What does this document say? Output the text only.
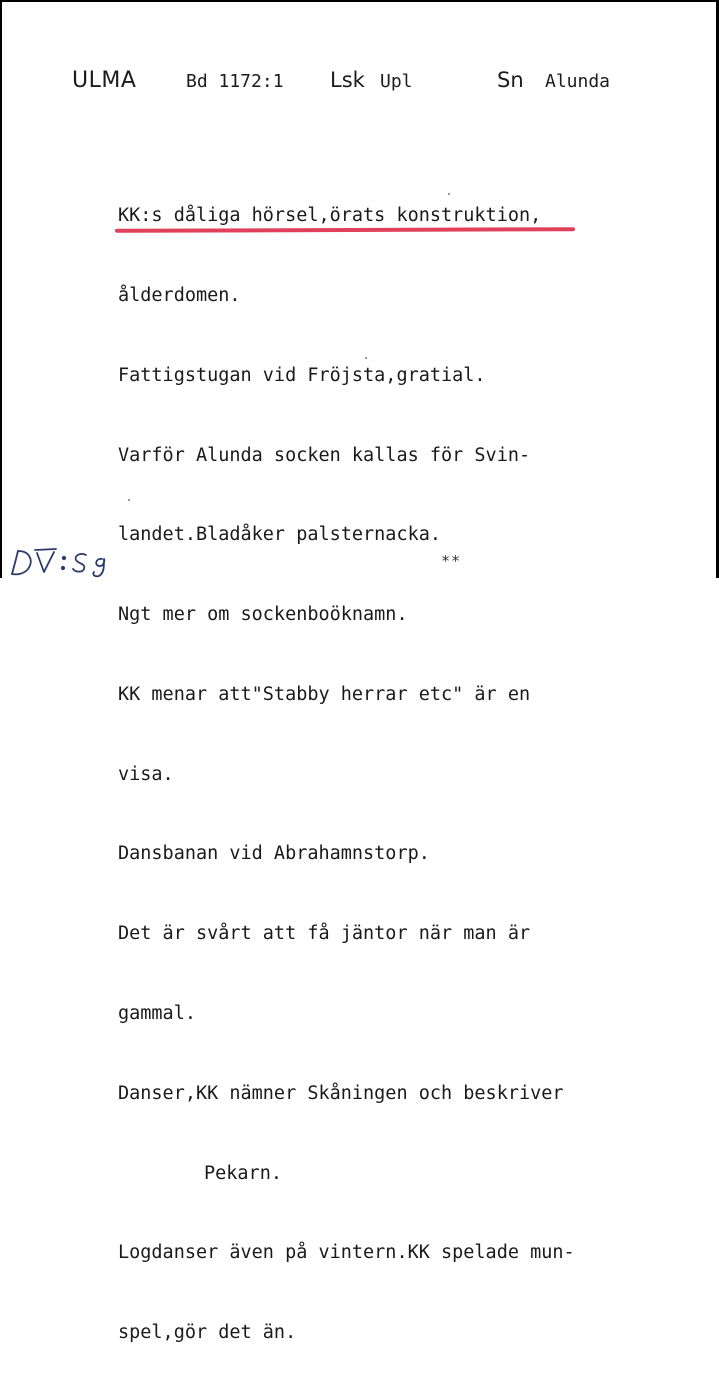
ULMA	Bd 1172:1 Lsk Upl	Sn Alunda

KK:s dåliga hörsel,örats konstruktion,

ålderdomen.

Fattigstugan vid Fröjsta,gratial.

Varför Alunda socken kallas för Svin-

landet.Bladåker palsternacka.

Ngt mer om sockenboöknamn.

KK menar att"Stabby herrar etc" är en

visa.

Dansbanan vid Abrahamnstorp.

Det är svårt att få jäntor när man är

gammal.

Danser,KK nämner Skåningen och beskriver

Pekarn.

Logdanser även på vintern.KK spelade mun-

spel,gör det än.

**
